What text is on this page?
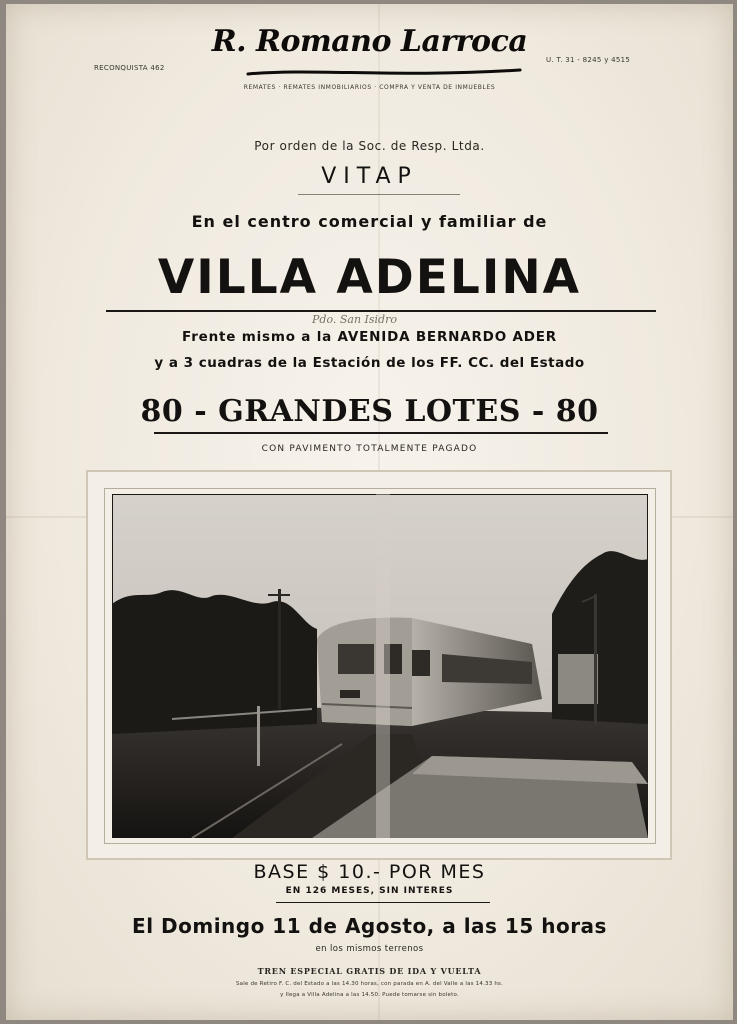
RECONQUISTA 462
U. T. 31 - 8245 y 4515
R. Romano Larroca
REMATES · REMATES INMOBILIARIOS · COMPRA Y VENTA DE INMUEBLES
Por orden de la Soc. de Resp. Ltda.
VITAP
En el centro comercial y familiar de
VILLA ADELINA
Pdo. San Isidro
Frente mismo a la AVENIDA BERNARDO ADER
y a 3 cuadras de la Estación de los FF. CC. del Estado
80 - GRANDES LOTES - 80
CON PAVIMENTO TOTALMENTE PAGADO
BASE $ 10.- POR MES
EN 126 MESES, SIN INTERES
El Domingo 11 de Agosto, a las 15 horas
en los mismos terrenos
TREN ESPECIAL GRATIS DE IDA Y VUELTA
Sale de Retiro F. C. del Estado a las 14.30 horas, con parada en A. del Valle a las 14.33 hs.
y llega a Villa Adelina a las 14.50. Puede tomarse sin boleto.
